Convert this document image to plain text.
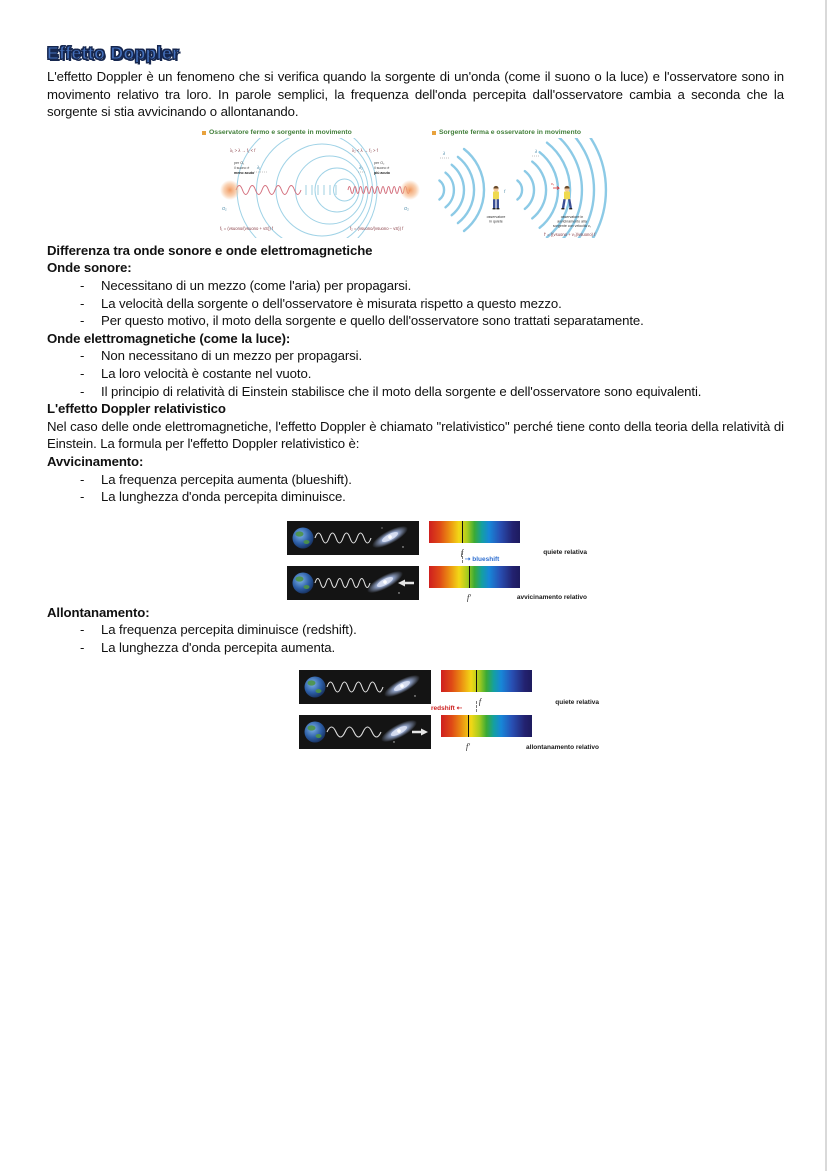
Effetto Doppler
L'effetto Doppler è un fenomeno che si verifica quando la sorgente di un'onda (come il suono o la luce) e l'osservatore sono in movimento relativo tra loro. In parole semplici, la frequenza dell'onda percepita dall'osservatore cambia a seconda che la sorgente si stia avvicinando o allontanando.
Osservatore fermo e sorgente in movimento
λ₁	λ₂
λ₁ > λ → f₁ < f	λ₂ < λ → f₂ > f
per O₁
il suono è
meno acuto
per O₂
il suono è
più acuto
O₁	O₂
f₁ = (vsuono/(vsuono + vS)) f	f₂ = (vsuono/(vsuono − vS)) f
Sorgente ferma e osservatore in movimento
λ	λ
f
v₀
osservatore
in quiete
osservatore in
avvicinamento alla
sorgente con velocità v₀
f′ = ((vsuono + v₀)/vsuono) f
Differenza tra onde sonore e onde elettromagnetiche
Onde sonore:
-
Necessitano di un mezzo (come l'aria) per propagarsi.
-
La velocità della sorgente o dell'osservatore è misurata rispetto a questo mezzo.
-
Per questo motivo, il moto della sorgente e quello dell'osservatore sono trattati separatamente.
Onde elettromagnetiche (come la luce):
-
Non necessitano di un mezzo per propagarsi.
-
La loro velocità è costante nel vuoto.
-
Il principio di relatività di Einstein stabilisce che il moto della sorgente e dell'osservatore sono equivalenti.
L'effetto Doppler relativistico
Nel caso delle onde elettromagnetiche, l'effetto Doppler è chiamato "relativistico" perché tiene conto della teoria della relatività di Einstein. La formula per l'effetto Doppler relativistico è:
Avvicinamento:
-
La frequenza percepita aumenta (blueshift).
-
La lunghezza d'onda percepita diminuisce.
f	quiete relativa
⇢ blueshift
f′	avvicinamento relativo
Allontanamento:
-
La frequenza percepita diminuisce (redshift).
-
La lunghezza d'onda percepita aumenta.
f	quiete relativa
redshift ⇠
f′	allontanamento relativo
